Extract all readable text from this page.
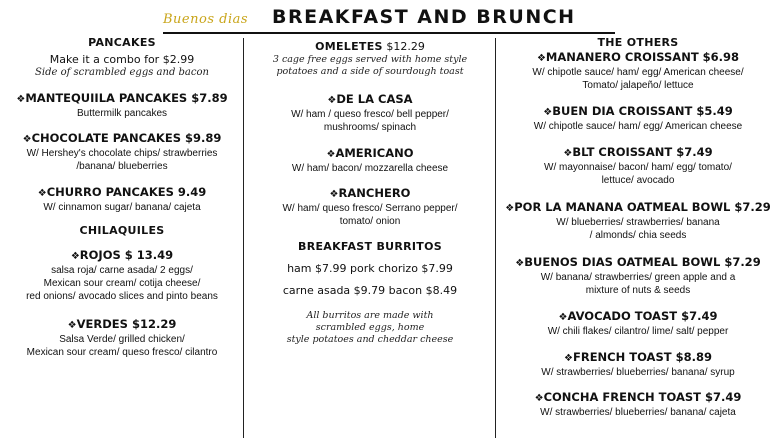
Buenos dias BREAKFAST AND BRUNCH

PANCAKES

Make it a combo for $2.99

Side of scrambled eggs and bacon

❖MANTEQUIILA PANCAKES $7.89

Buttermilk pancakes

❖CHOCOLATE PANCAKES $9.89

W/ Hershey's chocolate chips/ strawberries

/banana/ blueberries

❖CHURRO PANCAKES 9.49

W/ cinnamon sugar/ banana/ cajeta

CHILAQUILES

❖ROJOS $ 13.49

salsa roja/ carne asada/ 2 eggs/

Mexican sour cream/ cotija cheese/

red onions/ avocado slices and pinto beans

❖VERDES $12.29

Salsa Verde/ grilled chicken/

Mexican sour cream/ queso fresco/ cilantro

OMELETES $12.29

3 cage free eggs served with home style

potatoes and a side of sourdough toast

❖DE LA CASA

W/ ham / queso fresco/ bell pepper/

mushrooms/ spinach

❖AMERICANO

W/ ham/ bacon/ mozzarella cheese

❖RANCHERO

W/ ham/ queso fresco/ Serrano pepper/

tomato/ onion

BREAKFAST BURRITOS

ham $7.99 pork chorizo $7.99

carne asada $9.79 bacon $8.49

All burritos are made with

scrambled eggs, home

style potatoes and cheddar cheese

THE OTHERS

❖MANANERO CROISSANT $6.98

W/ chipotle sauce/ ham/ egg/ American cheese/

Tomato/ jalapeño/ lettuce

❖BUEN DIA CROISSANT $5.49

W/ chipotle sauce/ ham/ egg/ American cheese

❖BLT CROISSANT $7.49

W/ mayonnaise/ bacon/ ham/ egg/ tomato/

lettuce/ avocado

❖POR LA MANANA OATMEAL BOWL $7.29

W/ blueberries/ strawberries/ banana

/ almonds/ chia seeds

❖BUENOS DIAS OATMEAL BOWL $7.29

W/ banana/ strawberries/ green apple and a

mixture of nuts & seeds

❖AVOCADO TOAST $7.49

W/ chili flakes/ cilantro/ lime/ salt/ pepper

❖FRENCH TOAST $8.89

W/ strawberries/ blueberries/ banana/ syrup

❖CONCHA FRENCH TOAST $7.49

W/ strawberries/ blueberries/ banana/ cajeta
